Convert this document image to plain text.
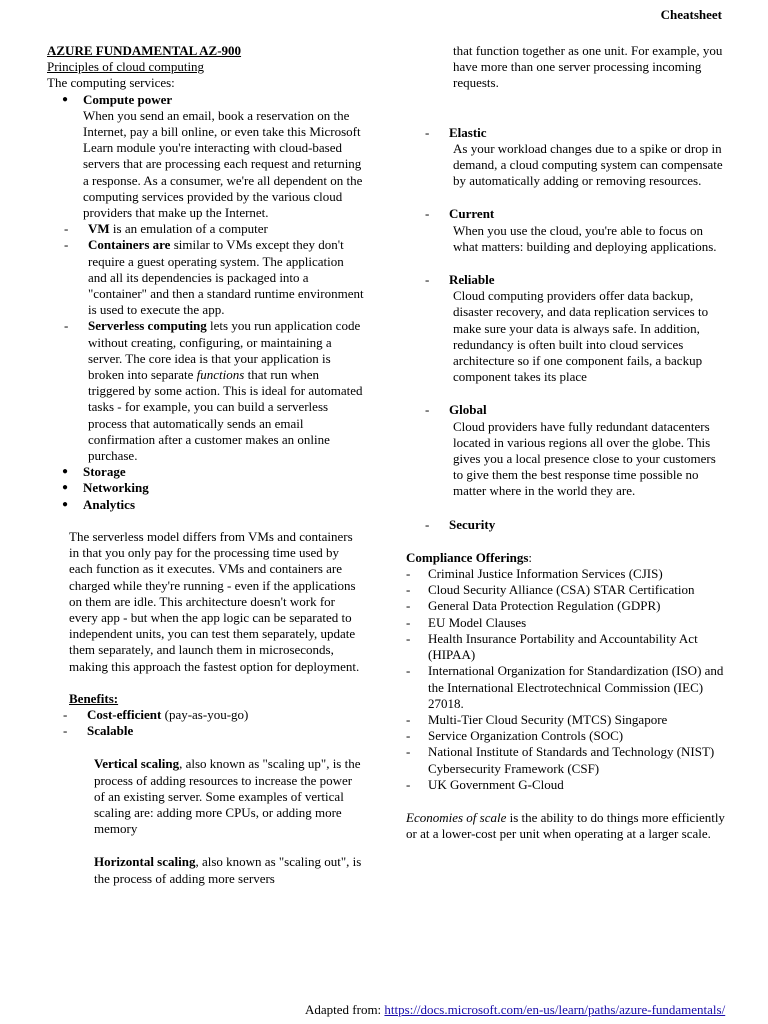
Cheatsheet
AZURE FUNDAMENTAL AZ-900
Principles of cloud computing
The computing services:
●	Compute power
When you send an email, book a reservation on the Internet, pay a bill online, or even take this Microsoft Learn module you're interacting with cloud-based servers that are processing each request and returning a response. As a consumer, we're all dependent on the computing services provided by the various cloud providers that make up the Internet.
-	VM is an emulation of a computer
-	Containers are similar to VMs except they don't require a guest operating system. The application and all its dependencies is packaged into a "container" and then a standard runtime environment is used to execute the app.
-	Serverless computing lets you run application code without creating, configuring, or maintaining a server. The core idea is that your application is broken into separate functions that run when triggered by some action. This is ideal for automated tasks - for example, you can build a serverless process that automatically sends an email confirmation after a customer makes an online purchase.
●	Storage
●	Networking
●	Analytics
The serverless model differs from VMs and containers in that you only pay for the processing time used by each function as it executes. VMs and containers are charged while they're running - even if the applications on them are idle. This architecture doesn't work for every app - but when the app logic can be separated to independent units, you can test them separately, update them separately, and launch them in microseconds, making this approach the fastest option for deployment.
Benefits:
-	Cost-efficient (pay-as-you-go)
-	Scalable
Vertical scaling, also known as "scaling up", is the process of adding resources to increase the power of an existing server. Some examples of vertical scaling are: adding more CPUs, or adding more memory
Horizontal scaling, also known as "scaling out", is the process of adding more servers
that function together as one unit. For example, you have more than one server processing incoming requests.
-	Elastic
As your workload changes due to a spike or drop in demand, a cloud computing system can compensate by automatically adding or removing resources.
-	Current
When you use the cloud, you're able to focus on what matters: building and deploying applications.
-	Reliable
Cloud computing providers offer data backup, disaster recovery, and data replication services to make sure your data is always safe. In addition, redundancy is often built into cloud services architecture so if one component fails, a backup component takes its place
-	Global
Cloud providers have fully redundant datacenters located in various regions all over the globe. This gives you a local presence close to your customers to give them the best response time possible no matter where in the world they are.
-	Security
Compliance Offerings:
-	Criminal Justice Information Services (CJIS)
-	Cloud Security Alliance (CSA) STAR Certification
-	General Data Protection Regulation (GDPR)
-	EU Model Clauses
-	Health Insurance Portability and Accountability Act (HIPAA)
-	International Organization for Standardization (ISO) and the International Electrotechnical Commission (IEC) 27018.
-	Multi-Tier Cloud Security (MTCS) Singapore
-	Service Organization Controls (SOC)
-	National Institute of Standards and Technology (NIST) Cybersecurity Framework (CSF)
-	UK Government G-Cloud
Economies of scale is the ability to do things more efficiently or at a lower-cost per unit when operating at a larger scale.
Adapted from: https://docs.microsoft.com/en-us/learn/paths/azure-fundamentals/
